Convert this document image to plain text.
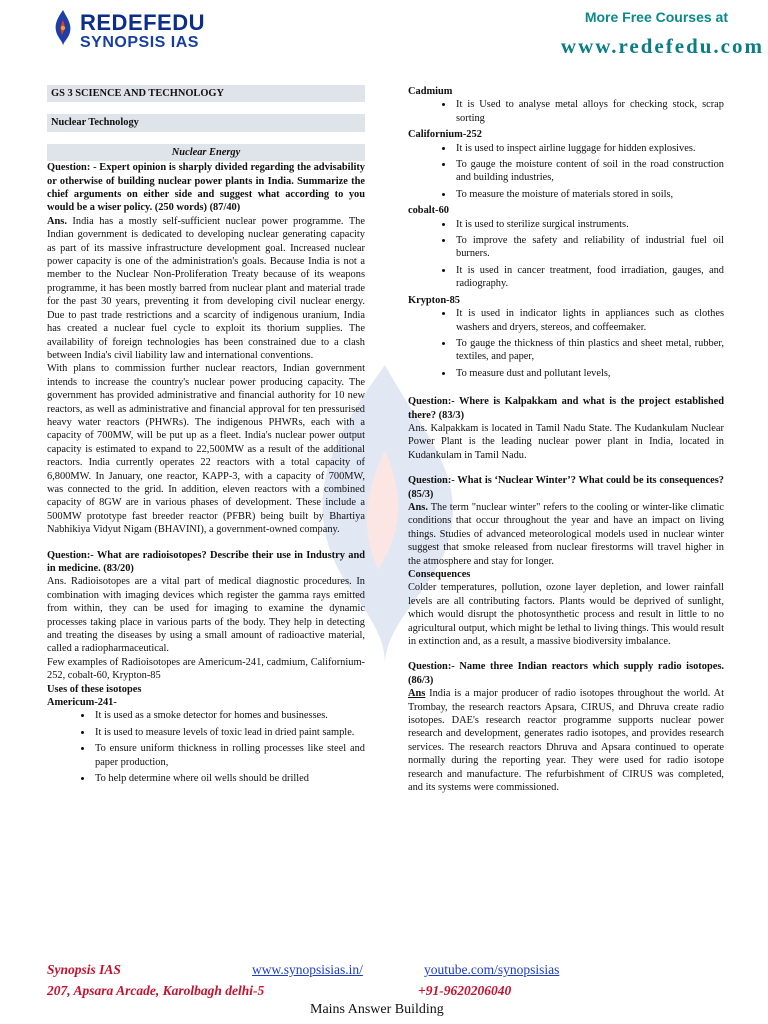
REDEFEDU
SYNOPSIS IAS
More Free Courses at
www.redefedu.com

GS 3 SCIENCE AND TECHNOLOGY

Nuclear Technology

Nuclear Energy

Question: - Expert opinion is sharply divided regarding the advisability or otherwise of building nuclear power plants in India. Summarize the chief arguments on either side and suggest what according to you would be a wiser policy. (250 words) (87/40)

Ans. India has a mostly self-sufficient nuclear power programme. The Indian government is dedicated to developing nuclear generating capacity as part of its massive infrastructure development goal. Increased nuclear power capacity is one of the administration's goals. Because India is not a member to the Nuclear Non-Proliferation Treaty because of its weapons programme, it has been mostly barred from nuclear plant and material trade for the past 30 years, preventing it from developing civil nuclear energy. Due to past trade restrictions and a scarcity of indigenous uranium, India has created a nuclear fuel cycle to exploit its thorium supplies. The availability of foreign technologies has been constrained due to a clash between India's civil liability law and international conventions.

With plans to commission further nuclear reactors, Indian government intends to increase the country's nuclear power producing capacity. The government has provided administrative and financial authority for 10 new reactors, as well as administrative and financial approval for ten pressurised heavy water reactors (PHWRs). The indigenous PHWRs, each with a capacity of 700MW, will be put up as a fleet. India's nuclear power output capacity is estimated to expand to 22,500MW as a result of the additional reactors. India currently operates 22 reactors with a total capacity of 6,800MW. In January, one reactor, KAPP-3, with a capacity of 700MW, was connected to the grid. In addition, eleven reactors with a combined capacity of 8GW are in various phases of development. These include a 500MW prototype fast breeder reactor (PFBR) being built by Bhartiya Nabhikiya Vidyut Nigam (BHAVINI), a government-owned company.

Question:- What are radioisotopes? Describe their use in Industry and in medicine. (83/20)

Ans. Radioisotopes are a vital part of medical diagnostic procedures. In combination with imaging devices which register the gamma rays emitted from within, they can be used for imaging to examine the dynamic processes taking place in various parts of the body. They help in detecting and treating the diseases by using a small amount of radioactive material, called a radiopharmaceutical.

Few examples of Radioisotopes are Americum-241, cadmium, Californium-252, cobalt-60, Krypton-85

Uses of these isotopes

Americum-241-

• It is used as a smoke detector for homes and businesses.
• It is used to measure levels of toxic lead in dried paint sample.
• To ensure uniform thickness in rolling processes like steel and paper production,
• To help determine where oil wells should be drilled

Cadmium

• It is Used to analyse metal alloys for checking stock, scrap sorting

Californium-252

• It is used to inspect airline luggage for hidden explosives.
• To gauge the moisture content of soil in the road construction and building industries,
• To measure the moisture of materials stored in soils,

cobalt-60

• It is used to sterilize surgical instruments.
• To improve the safety and reliability of industrial fuel oil burners.
• It is used in cancer treatment, food irradiation, gauges, and radiography.

Krypton-85

• It is used in indicator lights in appliances such as clothes washers and dryers, stereos, and coffeemaker.
• To gauge the thickness of thin plastics and sheet metal, rubber, textiles, and paper,
• To measure dust and pollutant levels,

Question:- Where is Kalpakkam and what is the project established there? (83/3)

Ans. Kalpakkam is located in Tamil Nadu State. The Kudankulam Nuclear Power Plant is the leading nuclear power plant in India, located in Kudankulam in Tamil Nadu.

Question:- What is ‘Nuclear Winter’? What could be its consequences? (85/3)

Ans. The term "nuclear winter" refers to the cooling or winter-like climatic conditions that occur throughout the year and have an impact on living things. Studies of advanced meteorological models used in nuclear winter suggest that smoke released from nuclear firestorms will travel higher in the atmosphere and stay for longer.

Consequences

Colder temperatures, pollution, ozone layer depletion, and lower rainfall levels are all contributing factors. Plants would be deprived of sunlight, which would disrupt the photosynthetic process and result in little to no agricultural output, which might be lethal to living things. This would result in extinction and, as a result, a massive biodiversity imbalance.

Question:- Name three Indian reactors which supply radio isotopes. (86/3)

Ans India is a major producer of radio isotopes throughout the world. At Trombay, the research reactors Apsara, CIRUS, and Dhruva create radio isotopes. DAE's research reactor programme supports nuclear power research and development, generates radio isotopes, and provides research services. The research reactors Dhruva and Apsara continued to operate normally during the reporting year. They were used for radio isotope research and manufacture. The refurbishment of CIRUS was completed, and its systems were commissioned.

Synopsis IAS
207, Apsara Arcade, Karolbagh delhi-5
www.synopsisias.in/	youtube.com/synopsisias
+91-9620206040
Mains Answer Building
